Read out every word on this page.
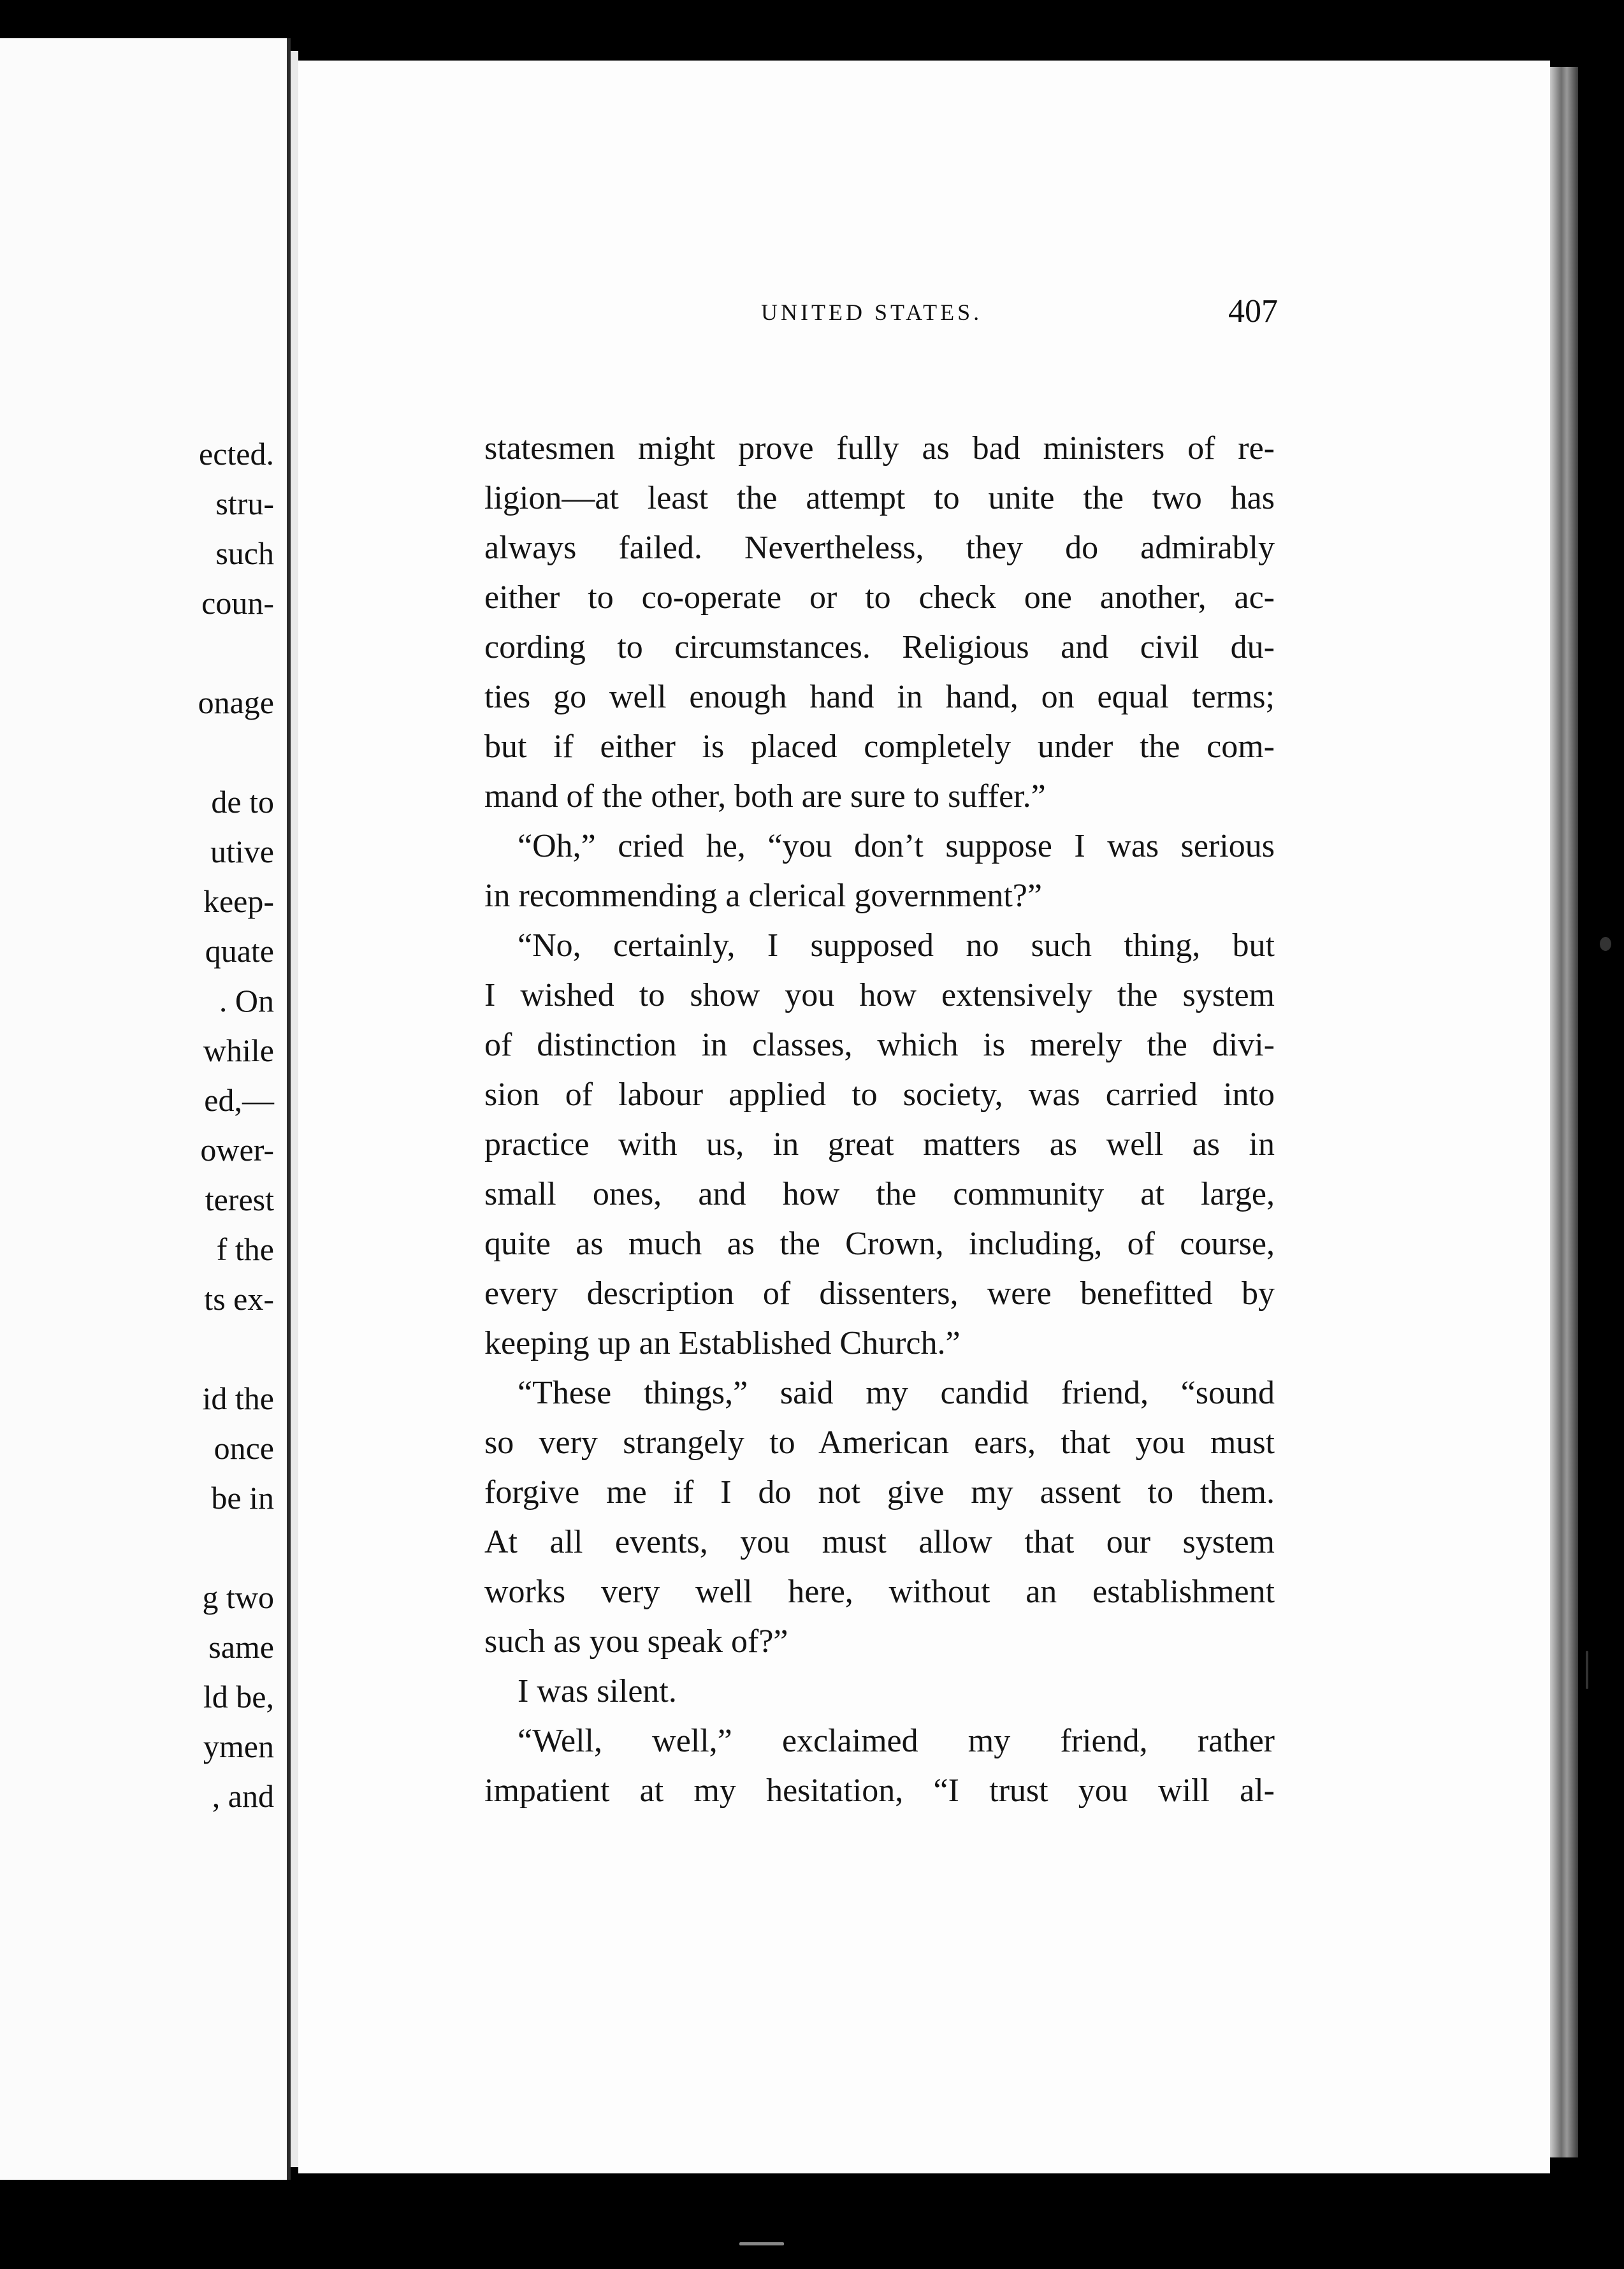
ected.
stru-
such
coun-
onage
de to
utive
keep-
quate
. On
while
ed,—
ower-
terest
f the
ts ex-
id the
once
be in
g two
same
ld be,
ymen
, and
UNITED STATES.	407
statesmen might prove fully as bad ministers of re-
ligion—at least the attempt to unite the two has
always failed. Nevertheless, they do admirably
either to co-operate or to check one another, ac-
cording to circumstances. Religious and civil du-
ties go well enough hand in hand, on equal terms;
but if either is placed completely under the com-
mand of the other, both are sure to suffer.”
“Oh,” cried he, “you don’t suppose I was serious
in recommending a clerical government?”
“No, certainly, I supposed no such thing, but
I wished to show you how extensively the system
of distinction in classes, which is merely the divi-
sion of labour applied to society, was carried into
practice with us, in great matters as well as in
small ones, and how the community at large,
quite as much as the Crown, including, of course,
every description of dissenters, were benefitted by
keeping up an Established Church.”
“These things,” said my candid friend, “sound
so very strangely to American ears, that you must
forgive me if I do not give my assent to them.
At all events, you must allow that our system
works very well here, without an establishment
such as you speak of?”
I was silent.
“Well, well,” exclaimed my friend, rather
impatient at my hesitation, “I trust you will al-
